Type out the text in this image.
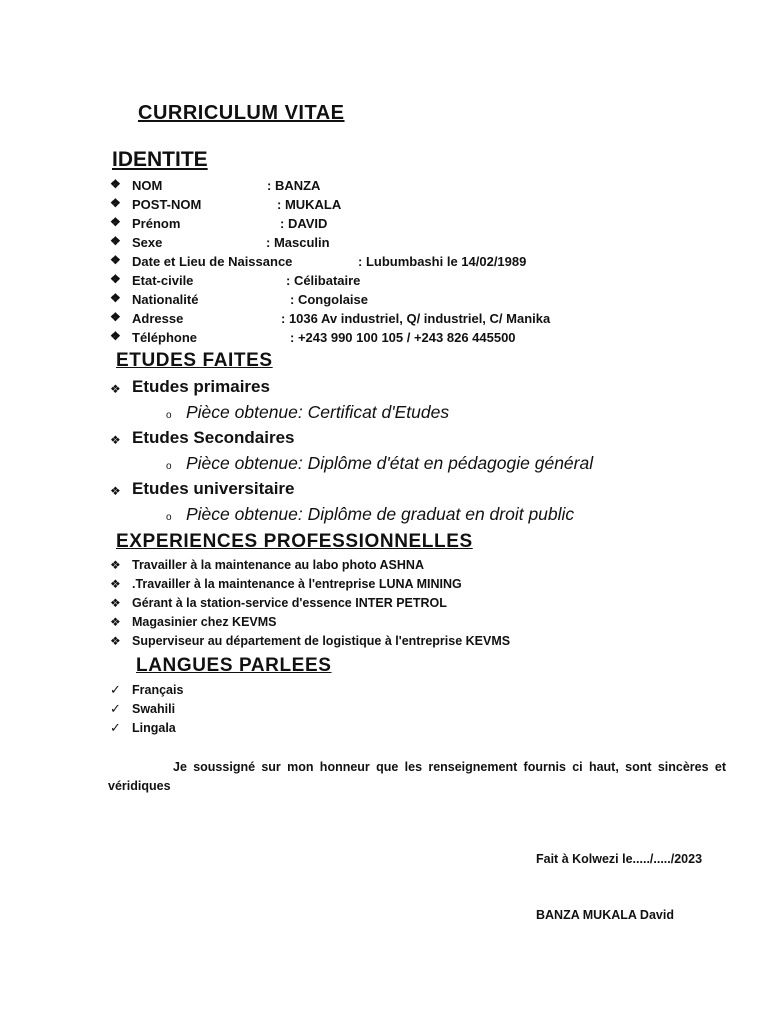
CURRICULUM VITAE
IDENTITE
❖ NOM	: BANZA
❖ POST-NOM	: MUKALA
❖ Prénom	: DAVID
❖ Sexe	: Masculin
❖ Date et Lieu de Naissance	: Lubumbashi le 14/02/1989
❖ Etat-civile	: Célibataire
❖ Nationalité	: Congolaise
❖ Adresse	: 1036 Av industriel, Q/ industriel, C/ Manika
❖ Téléphone	: +243 990 100 105 / +243 826 445500
ETUDES FAITES
❖ Etudes primaires
o Pièce obtenue: Certificat d'Etudes
❖ Etudes Secondaires
o Pièce obtenue: Diplôme d'état en pédagogie général
❖ Etudes universitaire
o Pièce obtenue: Diplôme de graduat en droit public
EXPERIENCES PROFESSIONNELLES
❖ Travailler à la maintenance au labo photo ASHNA
❖ .Travailler à la maintenance à l'entreprise LUNA MINING
❖ Gérant à la station-service d'essence INTER PETROL
❖ Magasinier chez KEVMS
❖ Superviseur au département de logistique à l'entreprise KEVMS
LANGUES PARLEES
✓ Français
✓ Swahili
✓ Lingala
Je soussigné sur mon honneur que les renseignement fournis ci haut, sont sincères et véridiques
Fait à Kolwezi le...../...../2023
BANZA MUKALA David
